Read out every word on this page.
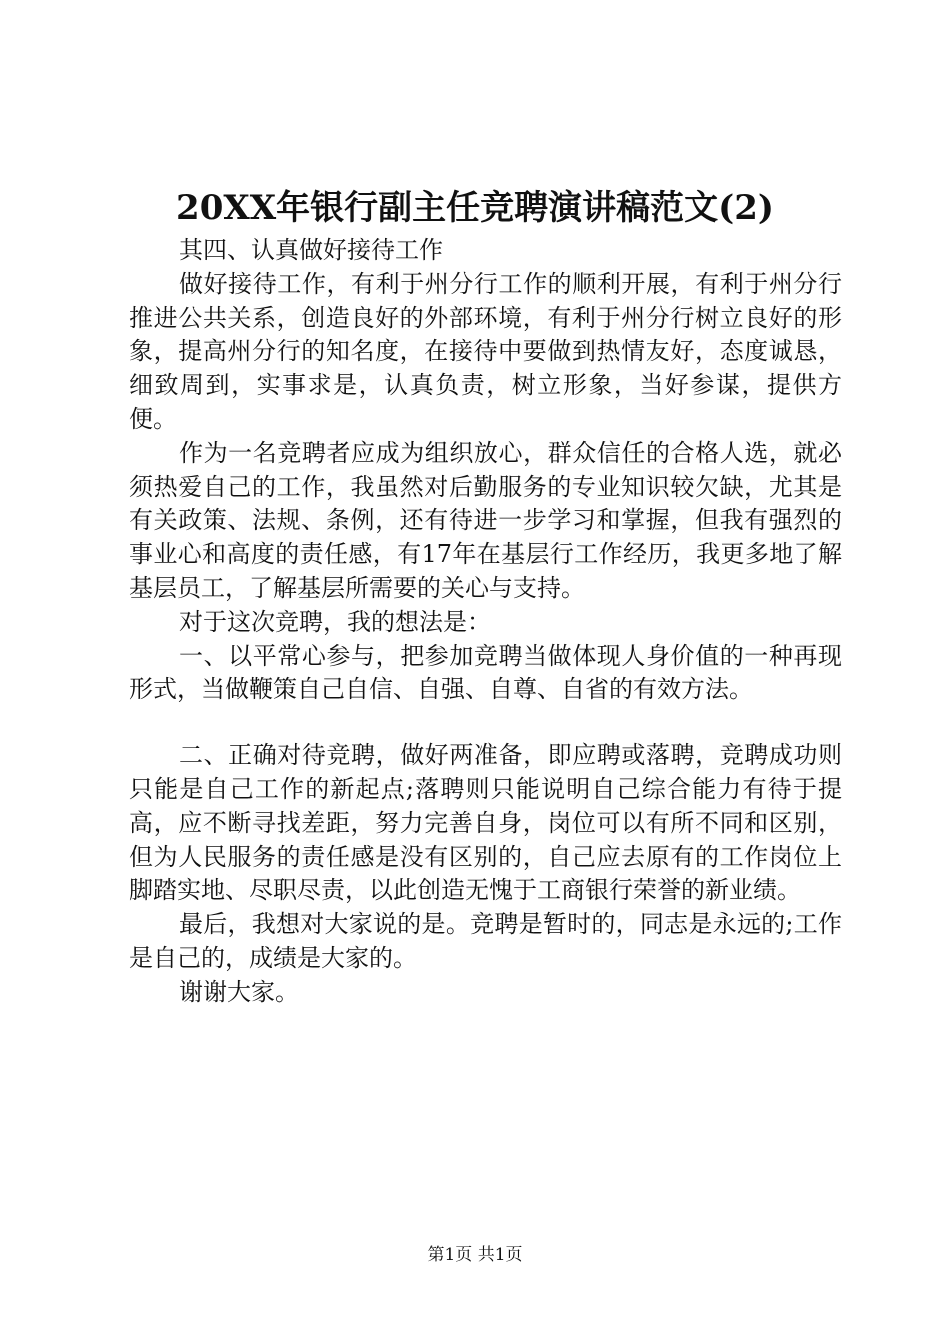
20XX年银行副主任竞聘演讲稿范文(2)

其四、认真做好接待工作

做好接待工作，有利于州分行工作的顺利开展，有利于州分行推进公共关系，创造良好的外部环境，有利于州分行树立良好的形象，提高州分行的知名度，在接待中要做到热情友好，态度诚恳，细致周到，实事求是，认真负责，树立形象，当好参谋，提供方便。

作为一名竞聘者应成为组织放心，群众信任的合格人选，就必须热爱自己的工作，我虽然对后勤服务的专业知识较欠缺，尤其是有关政策、法规、条例，还有待进一步学习和掌握，但我有强烈的事业心和高度的责任感，有17年在基层行工作经历，我更多地了解基层员工，了解基层所需要的关心与支持。

对于这次竞聘，我的想法是：

一、以平常心参与，把参加竞聘当做体现人身价值的一种再现形式，当做鞭策自己自信、自强、自尊、自省的有效方法。

二、正确对待竞聘，做好两准备，即应聘或落聘，竞聘成功则只能是自己工作的新起点;落聘则只能说明自己综合能力有待于提高，应不断寻找差距，努力完善自身，岗位可以有所不同和区别，但为人民服务的责任感是没有区别的，自己应去原有的工作岗位上脚踏实地、尽职尽责，以此创造无愧于工商银行荣誉的新业绩。

最后，我想对大家说的是。竞聘是暂时的，同志是永远的;工作是自己的，成绩是大家的。

谢谢大家。

第1页 共1页
